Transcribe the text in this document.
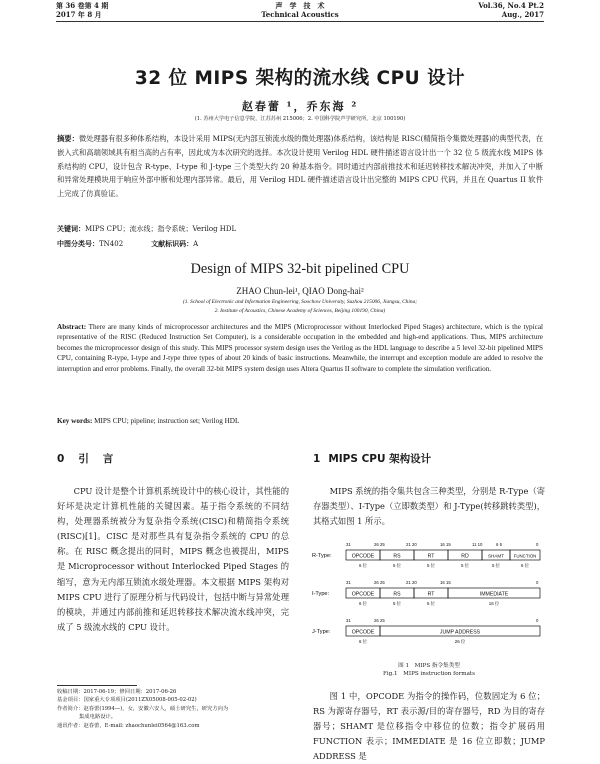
第 36 卷第 4 期
2017 年 8 月
声　学　技　术
Technical Acoustics
Vol.36, No.4 Pt.2
Aug., 2017
32 位 MIPS 架构的流水线 CPU 设计
赵春蕾 ¹，乔东海 ²
(1. 苏州大学电子信息学院，江苏苏州 215006；2. 中国科学院声学研究所，北京 100190)
摘要：微处理器有很多种体系结构，本设计采用 MIPS(无内部互锁流水级的微处理器)体系结构，该结构是 RISC(精简指令集微处理器)的典型代表，在嵌入式和高端领域具有相当高的占有率，因此成为本次研究的选择。本次设计使用 Verilog HDL 硬件描述语言设计出一个 32 位 5 级流水线 MIPS 体系结构的 CPU，设计包含 R-type、I-type 和 J-type 三个类型大约 20 种基本指令。同时通过内部前推技术和延迟转移技术解决冲突，并加入了中断和异常处理模块用于响应外部中断和处理内部异常。最后，用 Verilog HDL 硬件描述语言设计出完整的 MIPS CPU 代码，并且在 Quartus II 软件上完成了仿真验证。
关键词：MIPS CPU；流水线；指令系统；Verilog HDL
中图分类号：TN402	文献标识码：A
Design of MIPS 32-bit pipelined CPU
ZHAO Chun-lei¹, QIAO Dong-hai²
(1. School of Electronic and Information Engineering, Soochow University, Suzhou 215006, Jiangsu, China;
2. Institute of Acoustics, Chinese Academy of Sciences, Beijing 100190, China)
Abstract: There are many kinds of microprocessor architectures and the MIPS (Microprocessor without Interlocked Piped Stages) architecture, which is the typical representative of the RISC (Reduced Instruction Set Computer), is a considerable occupation in the embedded and high-end applications. Thus, MIPS architecture becomes the microprocessor design of this study. This MIPS processor system design uses the Verilog as the HDL language to describe a 5 level 32-bit pipelined MIPS CPU, containing R-type, I-type and J-type three types of about 20 kinds of basic instructions. Meanwhile, the interrupt and exception module are added to resolve the interruption and error problems. Finally, the overall 32-bit MIPS system design uses Altera Quartus II software to complete the simulation verification.
Key words: MIPS CPU; pipeline; instruction set; Verilog HDL
0 引言	1 MIPS CPU 架构设计
CPU 设计是整个计算机系统设计中的核心设计，其性能的好坏是决定计算机性能的关键因素。基于指令系统的不同结构，处理器系统被分为复杂指令系统(CISC)和精简指令系统(RISC)[1]。CISC 是对那些具有复杂指令系统的 CPU 的总称。在 RISC 概念提出的同时，MIPS 概念也被提出，MIPS 是 Microprocessor without Interlocked Piped Stages 的缩写，意为无内部互锁流水级处理器。本文根据 MIPS 架构对 MIPS CPU 进行了原理分析与代码设计，包括中断与异常处理的模块，并通过内部前推和延迟转移技术解决流水线冲突，完成了 5 级流水线的 CPU 设计。
MIPS 系统的指令集共包含三种类型，分别是 R-Type（寄存器类型）、I-Type（立即数类型）和 J-Type(转移跳转类型)，其格式如图 1 所示。
R-Type:
31	26 25	21 20	16 15	11 10	6 5	0
OPCODE	RS	RT	RD	SHAMT FUNCTION
6 位	5 位	5 位	5 位	5 位	6 位
I-Type:
31	26 25	21 20	16 15	0
OPCODE	RS	RT	IMMEDIATE
6 位	5 位	5 位	16 位
J-Type:
31	26 25	0
OPCODE	JUMP ADDRESS
6 位	26 位
图 1　MIPS 指令集类型
Fig.1　MIPS instruction formats
图 1 中，OPCODE 为指令的操作码，位数固定为 6 位；RS 为源寄存器号，RT 表示源/目的寄存器号，RD 为目的寄存器号；SHAMT 是位移指令中移位的位数；指令扩展码用 FUNCTION 表示；IMMEDIATE 是 16 位立即数；JUMP ADDRESS 是
收稿日期：2017-06-19；修回日期：2017-06-26
基金项目：国家重大专项项目(2011ZX05008-005-02-02)
作者简介：赵春蕾(1994—)，女，安徽六安人，硕士研究生，研究方向为
集成电路设计。
通讯作者：赵春蕾，E-mail: zhaochunlei0564@163.com
